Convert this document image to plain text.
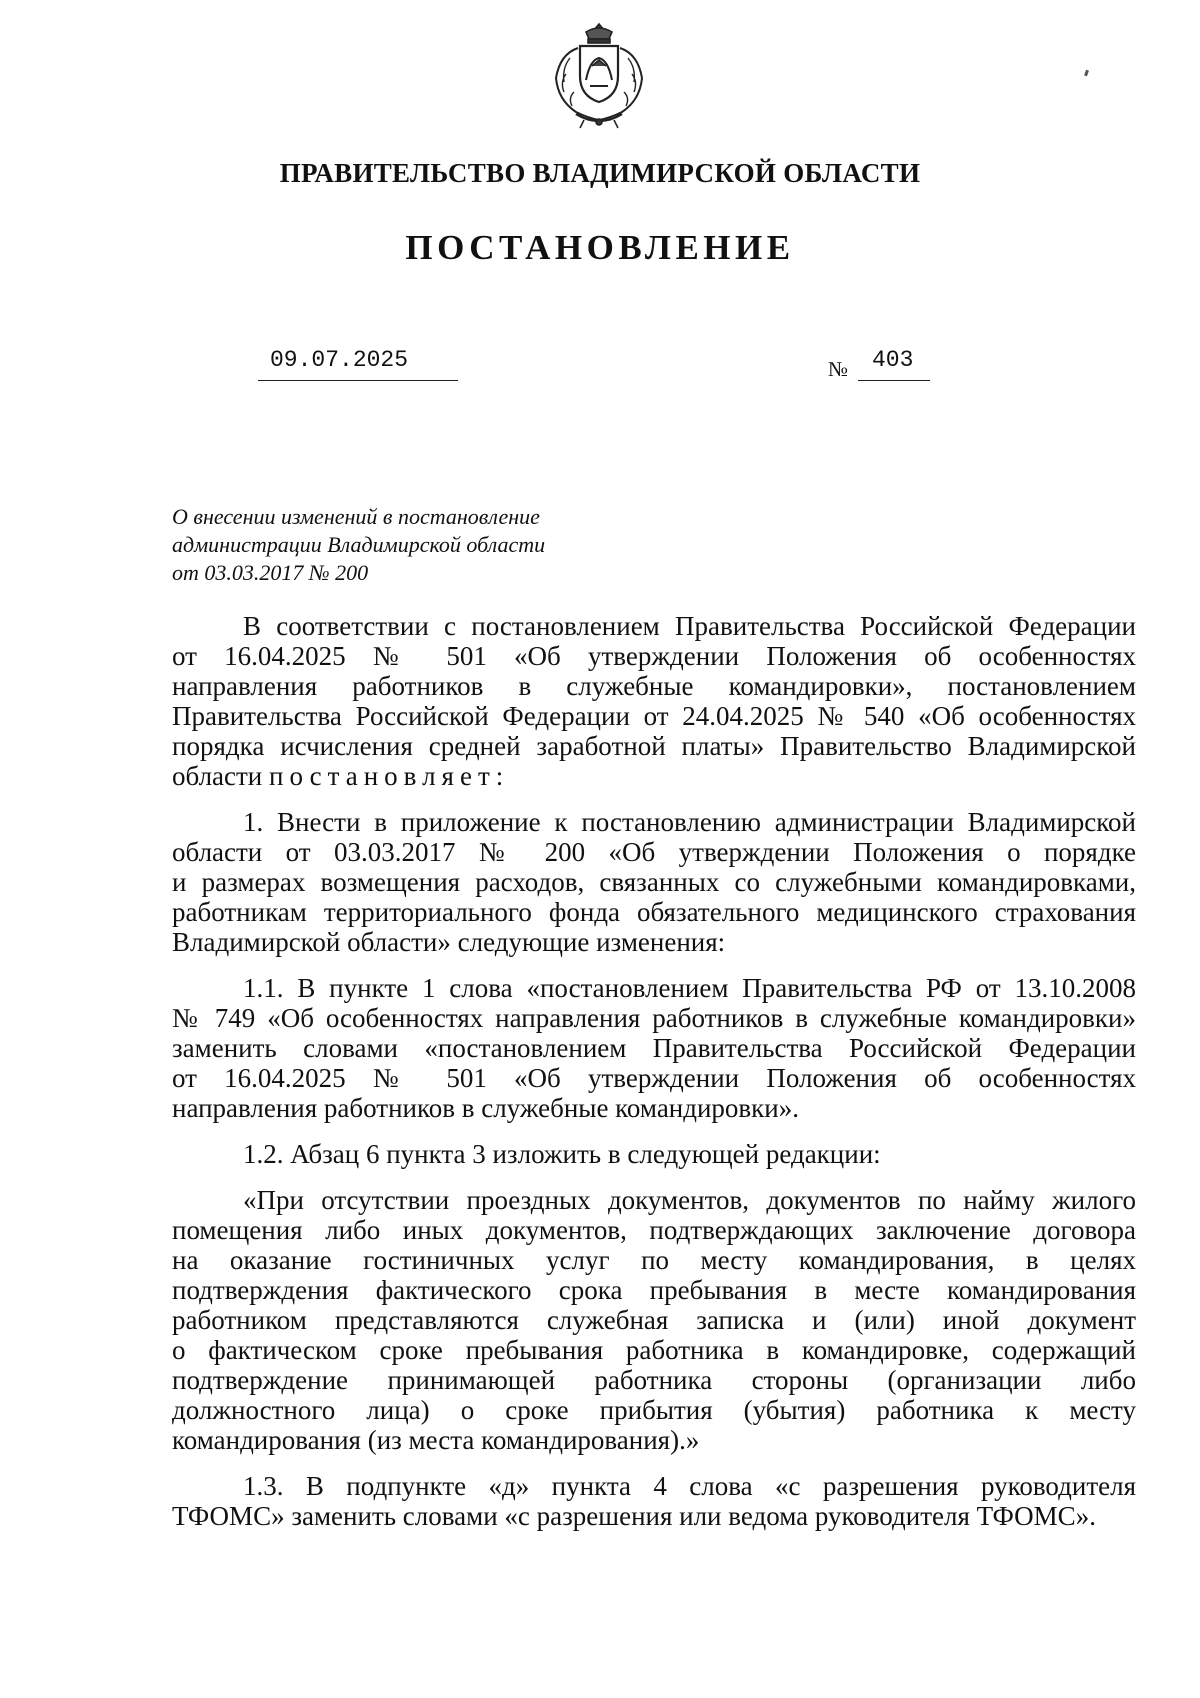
ПРАВИТЕЛЬСТВО ВЛАДИМИРСКОЙ ОБЛАСТИ
ПОСТАНОВЛЕНИЕ
09.07.2025	№ 403
О внесении изменений в постановление
администрации Владимирской области
от 03.03.2017 № 200
В соответствии с постановлением Правительства Российской Федерации
от 16.04.2025 № 501 «Об утверждении Положения об особенностях
направления работников в служебные командировки», постановлением
Правительства Российской Федерации от 24.04.2025 № 540 «Об особенностях
порядка исчисления средней заработной платы» Правительство Владимирской
области постановляет:
1. Внести в приложение к постановлению администрации Владимирской
области от 03.03.2017 № 200 «Об утверждении Положения о порядке
и размерах возмещения расходов, связанных со служебными командировками,
работникам территориального фонда обязательного медицинского страхования
Владимирской области» следующие изменения:
1.1. В пункте 1 слова «постановлением Правительства РФ от 13.10.2008
№ 749 «Об особенностях направления работников в служебные командировки»
заменить словами «постановлением Правительства Российской Федерации
от 16.04.2025 № 501 «Об утверждении Положения об особенностях
направления работников в служебные командировки».
1.2. Абзац 6 пункта 3 изложить в следующей редакции:
«При отсутствии проездных документов, документов по найму жилого
помещения либо иных документов, подтверждающих заключение договора
на оказание гостиничных услуг по месту командирования, в целях
подтверждения фактического срока пребывания в месте командирования
работником представляются служебная записка и (или) иной документ
о фактическом сроке пребывания работника в командировке, содержащий
подтверждение принимающей работника стороны (организации либо
должностного лица) о сроке прибытия (убытия) работника к месту
командирования (из места командирования).»
1.3. В подпункте «д» пункта 4 слова «с разрешения руководителя
ТФОМС» заменить словами «с разрешения или ведома руководителя ТФОМС».
